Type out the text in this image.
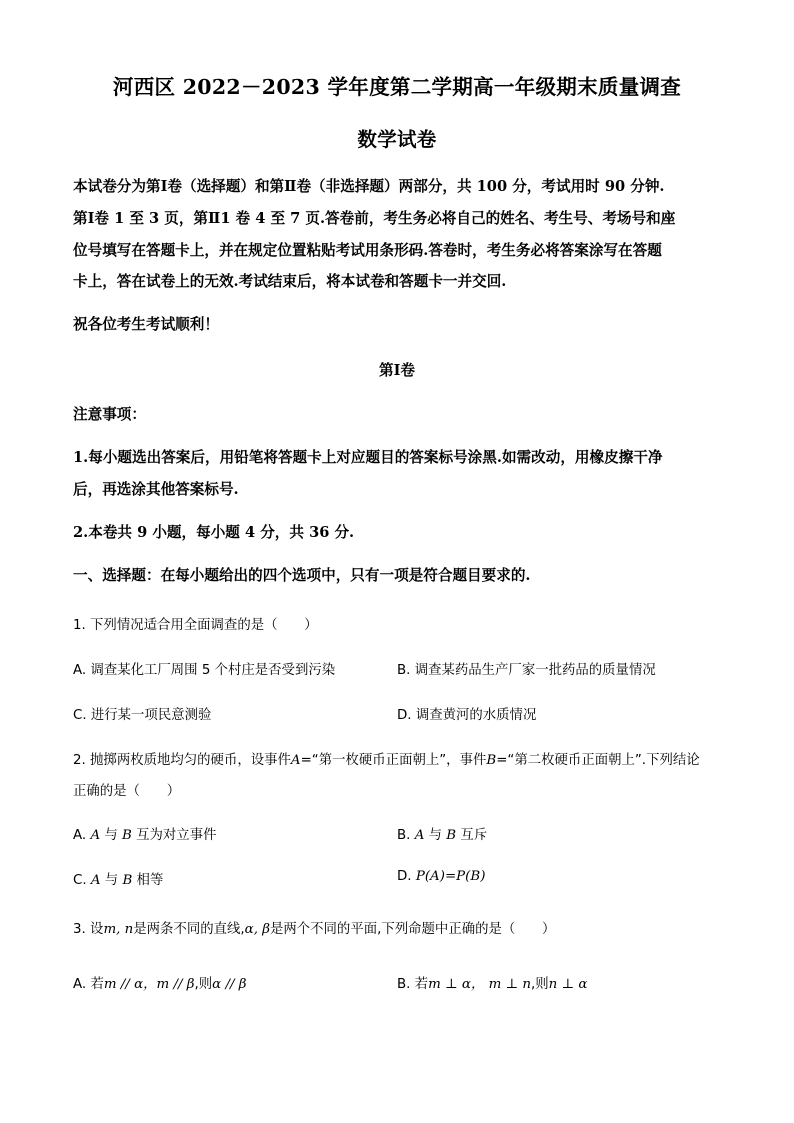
河西区 2022－2023 学年度第二学期高一年级期末质量调查
数学试卷
本试卷分为第Ⅰ卷（选择题）和第Ⅱ卷（非选择题）两部分，共 100 分，考试用时 90 分钟.
第Ⅰ卷 1 至 3 页，第Ⅱ1 卷 4 至 7 页.答卷前，考生务必将自己的姓名、考生号、考场号和座
位号填写在答题卡上，并在规定位置粘贴考试用条形码.答卷时，考生务必将答案涂写在答题
卡上，答在试卷上的无效.考试结束后，将本试卷和答题卡一并交回.
祝各位考生考试顺利！
第Ⅰ卷
注意事项：
1.每小题选出答案后，用铅笔将答题卡上对应题目的答案标号涂黑.如需改动，用橡皮擦干净
后，再选涂其他答案标号.
2.本卷共 9 小题，每小题 4 分，共 36 分.
一、选择题：在每小题给出的四个选项中，只有一项是符合题目要求的.
1. 下列情况适合用全面调查的是（　　）
A. 调查某化工厂周围 5 个村庄是否受到污染	B. 调查某药品生产厂家一批药品的质量情况
C. 进行某一项民意测验	D. 调查黄河的水质情况
2. 抛掷两枚质地均匀的硬币，设事件A=“第一枚硬币正面朝上”，事件B=“第二枚硬币正面朝上”.下列结论
正确的是（　　）
A. A 与 B 互为对立事件	B. A 与 B 互斥
C. A 与 B 相等	D. P(A)=P(B)
3. 设m, n是两条不同的直线,α, β是两个不同的平面,下列命题中正确的是（　　）
A. 若m // α，m // β,则α // β	B. 若m ⊥ α， m ⊥ n,则n ⊥ α
